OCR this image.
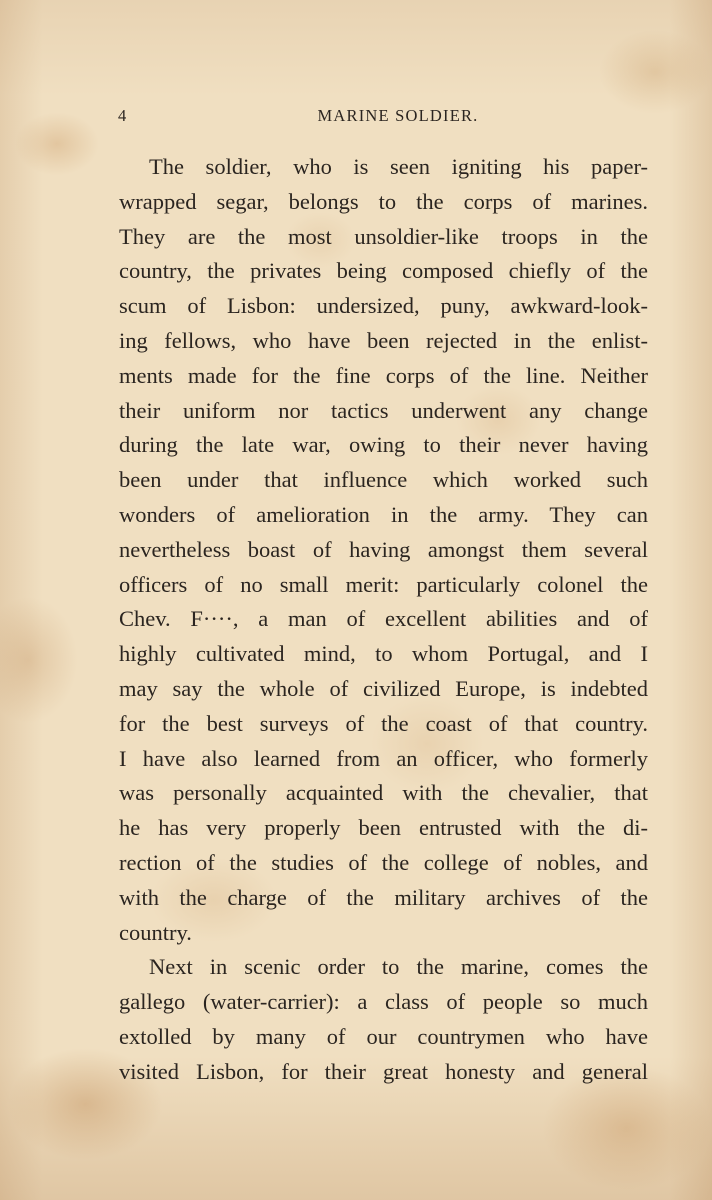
4	MARINE SOLDIER.
The soldier, who is seen igniting his paper-
wrapped segar, belongs to the corps of marines.
They are the most unsoldier-like troops in the
country, the privates being composed chiefly of the
scum of Lisbon: undersized, puny, awkward-look-
ing fellows, who have been rejected in the enlist-
ments made for the fine corps of the line. Neither
their uniform nor tactics underwent any change
during the late war, owing to their never having
been under that influence which worked such
wonders of amelioration in the army. They can
nevertheless boast of having amongst them several
officers of no small merit: particularly colonel the
Chev. F····, a man of excellent abilities and of
highly cultivated mind, to whom Portugal, and I
may say the whole of civilized Europe, is indebted
for the best surveys of the coast of that country.
I have also learned from an officer, who formerly
was personally acquainted with the chevalier, that
he has very properly been entrusted with the di-
rection of the studies of the college of nobles, and
with the charge of the military archives of the
country.
Next in scenic order to the marine, comes the
gallego (water-carrier): a class of people so much
extolled by many of our countrymen who have
visited Lisbon, for their great honesty and general
